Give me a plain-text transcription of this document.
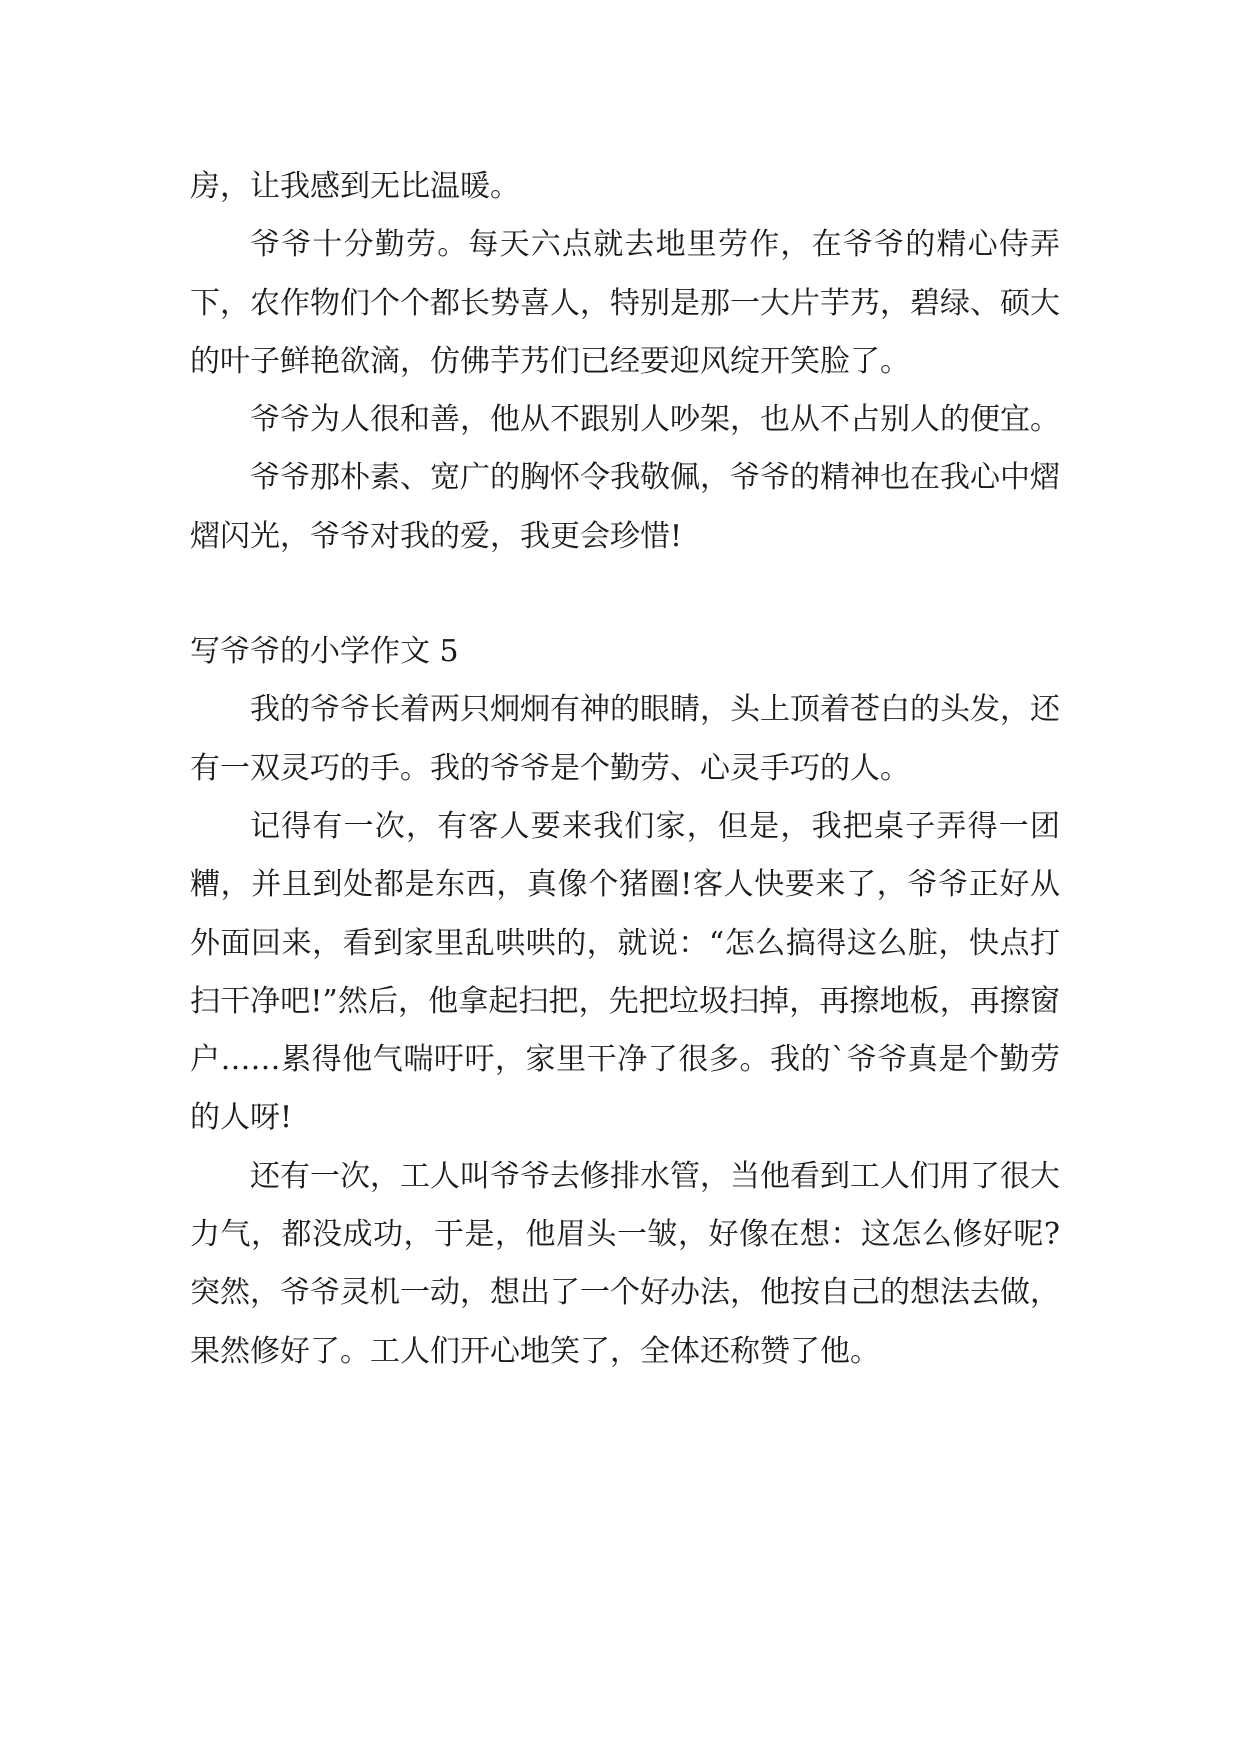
房，让我感到无比温暖。

爷爷十分勤劳。每天六点就去地里劳作，在爷爷的精心侍弄下，农作物们个个都长势喜人，特别是那一大片芋艿，碧绿、硕大的叶子鲜艳欲滴，仿佛芋艿们已经要迎风绽开笑脸了。

爷爷为人很和善，他从不跟别人吵架，也从不占别人的便宜。

爷爷那朴素、宽广的胸怀令我敬佩，爷爷的精神也在我心中熠熠闪光，爷爷对我的爱，我更会珍惜!

写爷爷的小学作文 5

我的爷爷长着两只炯炯有神的眼睛，头上顶着苍白的头发，还有一双灵巧的手。我的爷爷是个勤劳、心灵手巧的人。

记得有一次，有客人要来我们家，但是，我把桌子弄得一团糟，并且到处都是东西，真像个猪圈!客人快要来了，爷爷正好从外面回来，看到家里乱哄哄的，就说：“怎么搞得这么脏，快点打扫干净吧!”然后，他拿起扫把，先把垃圾扫掉，再擦地板，再擦窗户……累得他气喘吁吁，家里干净了很多。我的`爷爷真是个勤劳的人呀!

还有一次，工人叫爷爷去修排水管，当他看到工人们用了很大力气，都没成功，于是，他眉头一皱，好像在想：这怎么修好呢?突然，爷爷灵机一动，想出了一个好办法，他按自己的想法去做，果然修好了。工人们开心地笑了，全体还称赞了他。
